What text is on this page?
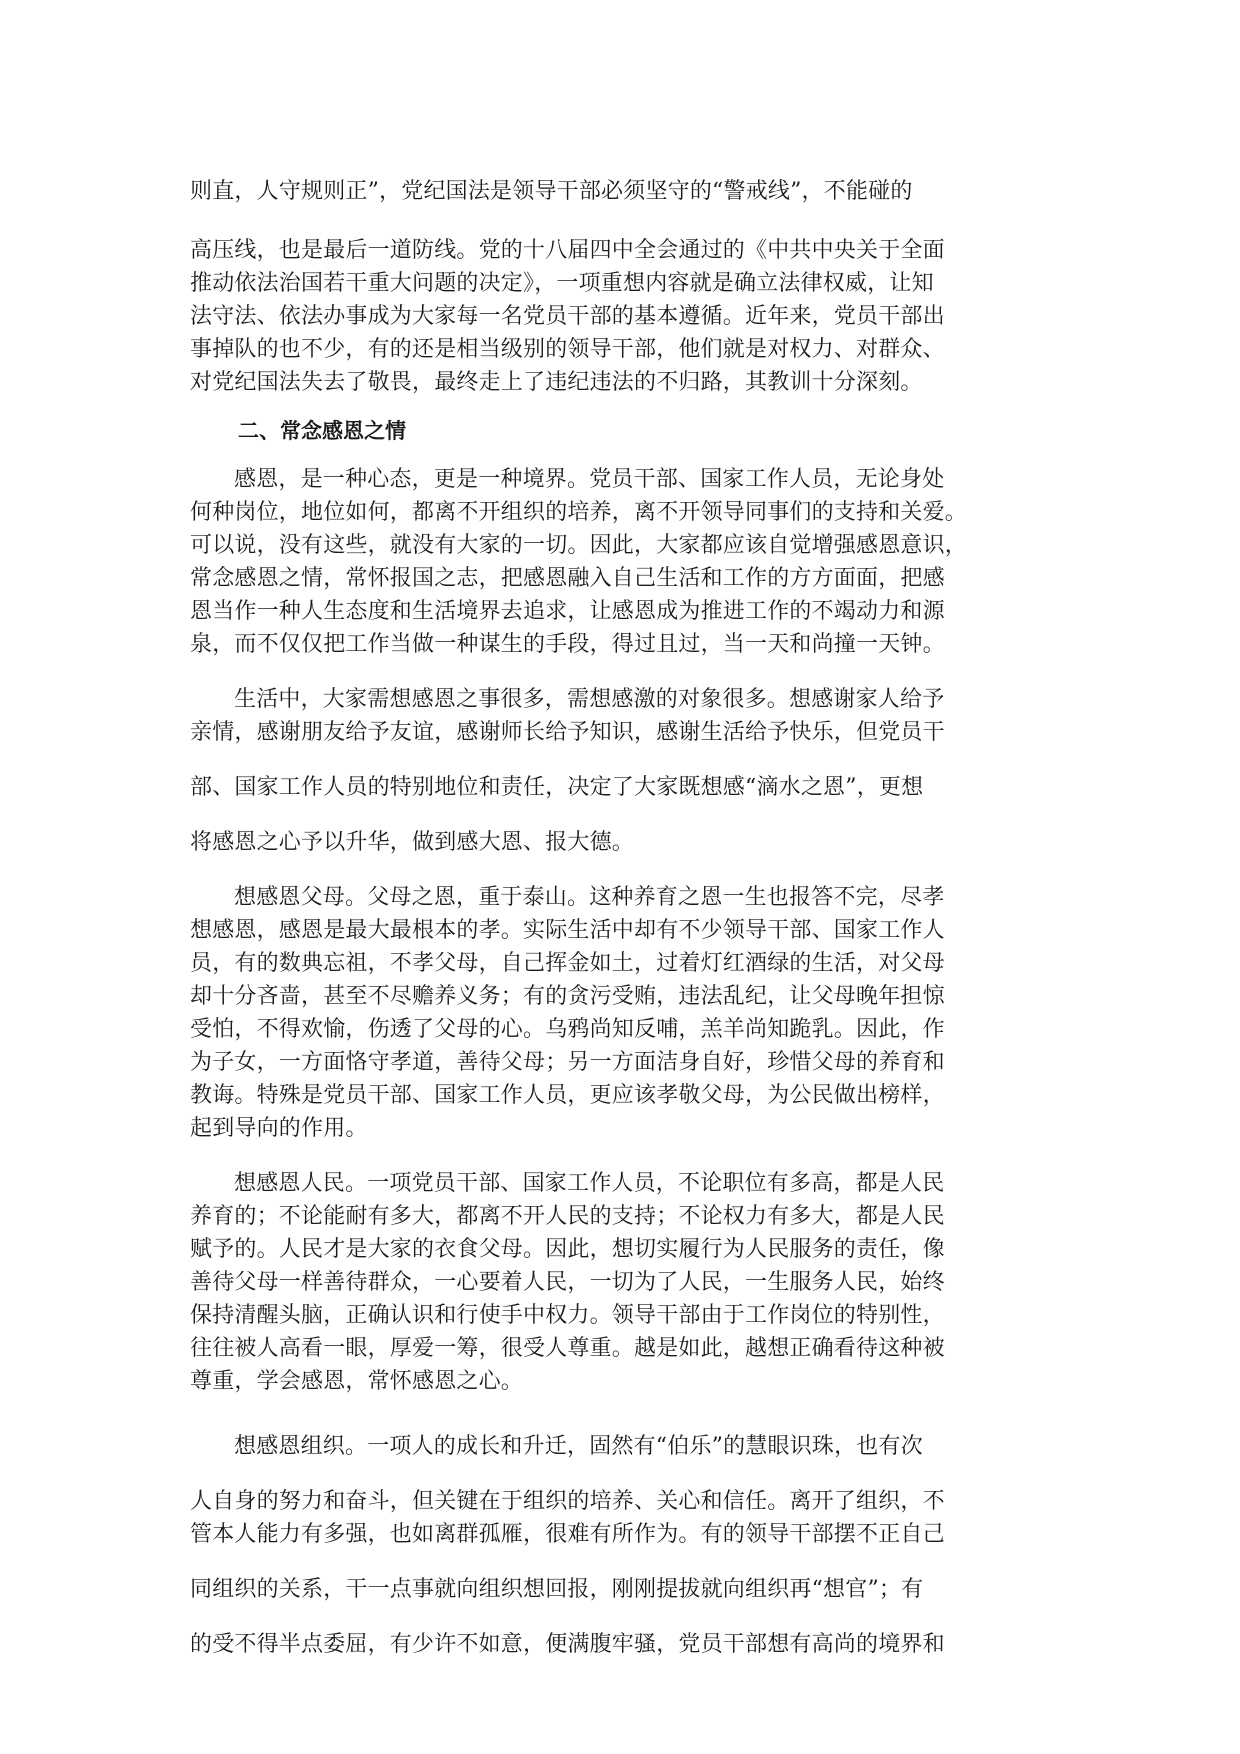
则直，人守规则正”，党纪国法是领导干部必须坚守的“警戒线”，不能碰的
高压线，也是最后一道防线。党的十八届四中全会通过的《中共中央关于全面
推动依法治国若干重大问题的决定》，一项重想内容就是确立法律权威，让知
法守法、依法办事成为大家每一名党员干部的基本遵循。近年来，党员干部出
事掉队的也不少，有的还是相当级别的领导干部，他们就是对权力、对群众、
对党纪国法失去了敬畏，最终走上了违纪违法的不归路，其教训十分深刻。
二、常念感恩之情
感恩，是一种心态，更是一种境界。党员干部、国家工作人员，无论身处
何种岗位，地位如何，都离不开组织的培养，离不开领导同事们的支持和关爱。
可以说，没有这些，就没有大家的一切。因此，大家都应该自觉增强感恩意识，
常念感恩之情，常怀报国之志，把感恩融入自己生活和工作的方方面面，把感
恩当作一种人生态度和生活境界去追求，让感恩成为推进工作的不竭动力和源
泉，而不仅仅把工作当做一种谋生的手段，得过且过，当一天和尚撞一天钟。
生活中，大家需想感恩之事很多，需想感激的对象很多。想感谢家人给予
亲情，感谢朋友给予友谊，感谢师长给予知识，感谢生活给予快乐，但党员干
部、国家工作人员的特别地位和责任，决定了大家既想感“滴水之恩”，更想
将感恩之心予以升华，做到感大恩、报大德。
想感恩父母。父母之恩，重于泰山。这种养育之恩一生也报答不完，尽孝
想感恩，感恩是最大最根本的孝。实际生活中却有不少领导干部、国家工作人
员，有的数典忘祖，不孝父母，自己挥金如土，过着灯红酒绿的生活，对父母
却十分吝啬，甚至不尽赡养义务；有的贪污受贿，违法乱纪，让父母晚年担惊
受怕，不得欢愉，伤透了父母的心。乌鸦尚知反哺，羔羊尚知跪乳。因此，作
为子女，一方面恪守孝道，善待父母；另一方面洁身自好，珍惜父母的养育和
教诲。特殊是党员干部、国家工作人员，更应该孝敬父母，为公民做出榜样，
起到导向的作用。
想感恩人民。一项党员干部、国家工作人员，不论职位有多高，都是人民
养育的；不论能耐有多大，都离不开人民的支持；不论权力有多大，都是人民
赋予的。人民才是大家的衣食父母。因此，想切实履行为人民服务的责任，像
善待父母一样善待群众，一心要着人民，一切为了人民，一生服务人民，始终
保持清醒头脑，正确认识和行使手中权力。领导干部由于工作岗位的特别性，
往往被人高看一眼，厚爱一筹，很受人尊重。越是如此，越想正确看待这种被
尊重，学会感恩，常怀感恩之心。
想感恩组织。一项人的成长和升迁，固然有“伯乐”的慧眼识珠，也有次
人自身的努力和奋斗，但关键在于组织的培养、关心和信任。离开了组织，不
管本人能力有多强，也如离群孤雁，很难有所作为。有的领导干部摆不正自己
同组织的关系，干一点事就向组织想回报，刚刚提拔就向组织再“想官”；有
的受不得半点委屈，有少许不如意，便满腹牢骚，党员干部想有高尚的境界和
